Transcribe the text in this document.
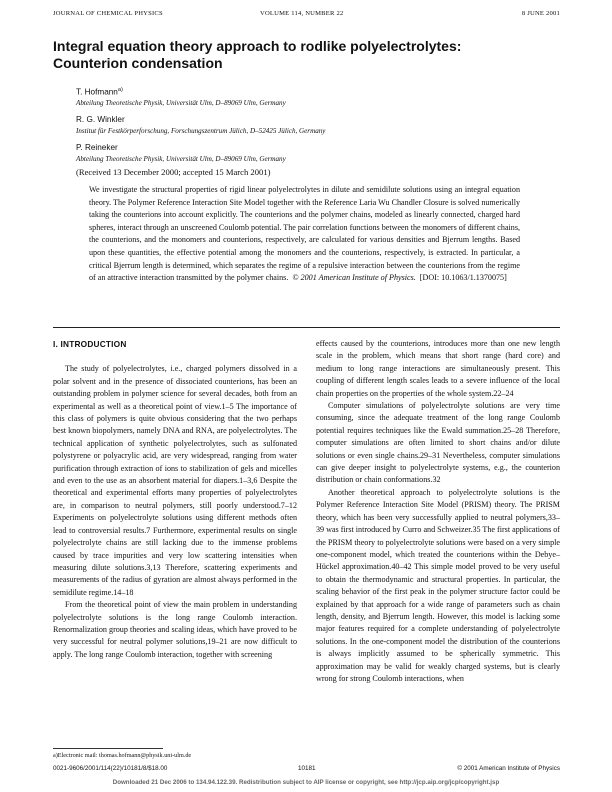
JOURNAL OF CHEMICAL PHYSICS	VOLUME 114, NUMBER 22	8 JUNE 2001
Integral equation theory approach to rodlike polyelectrolytes:
Counterion condensation
T. Hofmann$^{a)}$
Abteilung Theoretische Physik, Universität Ulm, D–89069 Ulm, Germany
R. G. Winkler
Institut für Festkörperforschung, Forschungszentrum Jülich, D–52425 Jülich, Germany
P. Reineker
Abteilung Theoretische Physik, Universität Ulm, D–89069 Ulm, Germany
(Received 13 December 2000; accepted 15 March 2001)
We investigate the structural properties of rigid linear polyelectrolytes in dilute and semidilute solutions using an integral equation theory. The Polymer Reference Interaction Site Model together with the Reference Laria Wu Chandler Closure is solved numerically taking the counterions into account explicitly. The counterions and the polymer chains, modeled as linearly connected, charged hard spheres, interact through an unscreened Coulomb potential. The pair correlation functions between the monomers of different chains, the counterions, and the monomers and counterions, respectively, are calculated for various densities and Bjerrum lengths. Based upon these quantities, the effective potential among the monomers and the counterions, respectively, is extracted. In particular, a critical Bjerrum length is determined, which separates the regime of a repulsive interaction between the counterions from the regime of an attractive interaction transmitted by the polymer chains. © 2001 American Institute of Physics. [DOI: 10.1063/1.1370075]
I. INTRODUCTION

The study of polyelectrolytes, i.e., charged polymers dissolved in a polar solvent and in the presence of dissociated counterions, has been an outstanding problem in polymer science for several decades, both from an experimental as well as a theoretical point of view.1–5 The importance of this class of polymers is quite obvious considering that the two perhaps best known biopolymers, namely DNA and RNA, are polyelectrolytes. The technical application of synthetic polyelectrolytes, such as sulfonated polystyrene or polyacrylic acid, are very widespread, ranging from water purification through extraction of ions to stabilization of gels and micelles and even to the use as an absorbent material for diapers.1–3,6 Despite the theoretical and experimental efforts many properties of polyelectrolytes are, in comparison to neutral polymers, still poorly understood.7–12 Experiments on polyelectrolyte solutions using different methods often lead to controversial results.7 Furthermore, experimental results on single polyelectrolyte chains are still lacking due to the immense problems caused by trace impurities and very low scattering intensities when measuring dilute solutions.3,13 Therefore, scattering experiments and measurements of the radius of gyration are almost always performed in the semidilute regime.14–18

From the theoretical point of view the main problem in understanding polyelectrolyte solutions is the long range Coulomb interaction. Renormalization group theories and scaling ideas, which have proved to be very successful for neutral polymer solutions,19–21 are now difficult to apply. The long range Coulomb interaction, together with screening

effects caused by the counterions, introduces more than one new length scale in the problem, which means that short range (hard core) and medium to long range interactions are simultaneously present. This coupling of different length scales leads to a severe influence of the local chain properties on the properties of the whole system.22–24

Computer simulations of polyelectrolyte solutions are very time consuming, since the adequate treatment of the long range Coulomb potential requires techniques like the Ewald summation.25–28 Therefore, computer simulations are often limited to short chains and/or dilute solutions or even single chains.29–31 Nevertheless, computer simulations can give deeper insight to polyelectrolyte systems, e.g., the counterion distribution or chain conformations.32

Another theoretical approach to polyelectrolyte solutions is the Polymer Reference Interaction Site Model (PRISM) theory. The PRISM theory, which has been very successfully applied to neutral polymers,33–39 was first introduced by Curro and Schweizer.35 The first applications of the PRISM theory to polyelectrolyte solutions were based on a very simple one-component model, which treated the counterions within the Debye–Hückel approximation.40–42 This simple model proved to be very useful to obtain the thermodynamic and structural properties. In particular, the scaling behavior of the first peak in the polymer structure factor could be explained by that approach for a wide range of parameters such as chain length, density, and Bjerrum length. However, this model is lacking some major features required for a complete understanding of polyelectrolyte solutions. In the one-component model the distribution of the counterions is always implicitly assumed to be spherically symmetric. This approximation may be valid for weakly charged systems, but is clearly wrong for strong Coulomb interactions, when

a)Electronic mail: thomas.hofmann@physik.uni-ulm.de
0021-9606/2001/114(22)/10181/8/$18.00	10181	© 2001 American Institute of Physics
Downloaded 21 Dec 2006 to 134.94.122.39. Redistribution subject to AIP license or copyright, see http://jcp.aip.org/jcp/copyright.jsp
